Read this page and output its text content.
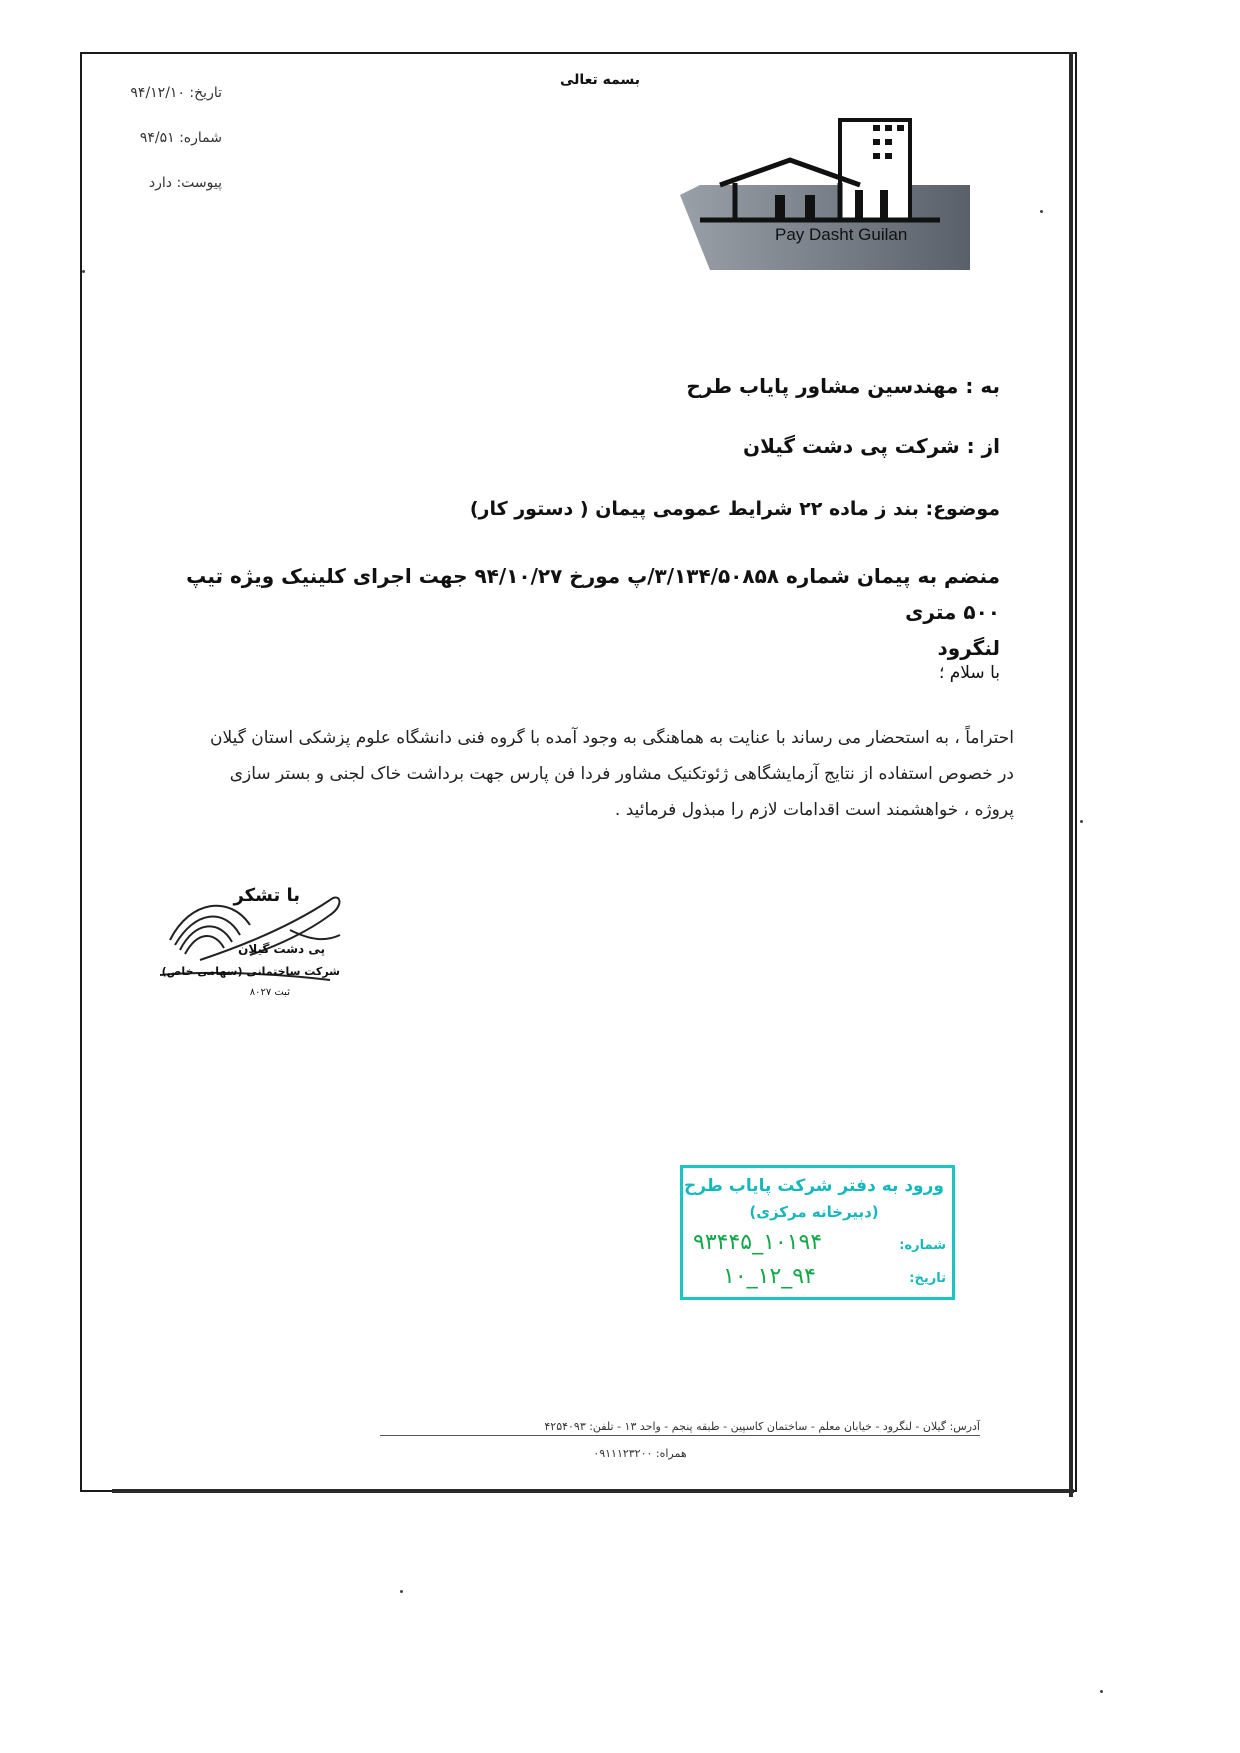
بسمه تعالی
تاریخ: ۹۴/۱۲/۱۰
شماره: ۹۴/۵۱
پیوست: دارد
Pay Dasht Guilan
به : مهندسین مشاور پایاب طرح
از : شرکت پی دشت گیلان
موضوع: بند ز ماده ۲۲ شرایط عمومی پیمان ( دستور کار)
منضم به پیمان شماره ۳/۱۳۴/۵۰۸۵۸/پ مورخ ۹۴/۱۰/۲۷ جهت اجرای کلینیک ویژه تیپ ۵۰۰ متری
لنگرود
با سلام ؛
احتراماً ، به استحضار می رساند با عنایت به هماهنگی به وجود آمده با گروه فنی دانشگاه علوم پزشکی استان گیلان
در خصوص استفاده از نتایج آزمایشگاهی ژئوتکنیک مشاور فردا فن پارس جهت برداشت خاک لجنی و بستر سازی
پروژه ، خواهشمند است اقدامات لازم را مبذول فرمائید .
پی دشت گیلان
شرکت ساختمانی (سهامی خاص)
ثبت ۸۰۲۷
با تشکر
ورود به دفتر شرکت پایاب طرح
(دبیرخانه مرکزی)
شماره:
۱۰۱۹۴_۹۳۴۴۵
تاریخ:
۹۴_۱۲_۱۰
آدرس: گیلان - لنگرود - خیابان معلم - ساختمان کاسپین - طبقه پنجم - واحد ۱۳ - تلفن: ۴۲۵۴۰۹۳
همراه: ۰۹۱۱۱۲۳۲۰۰
